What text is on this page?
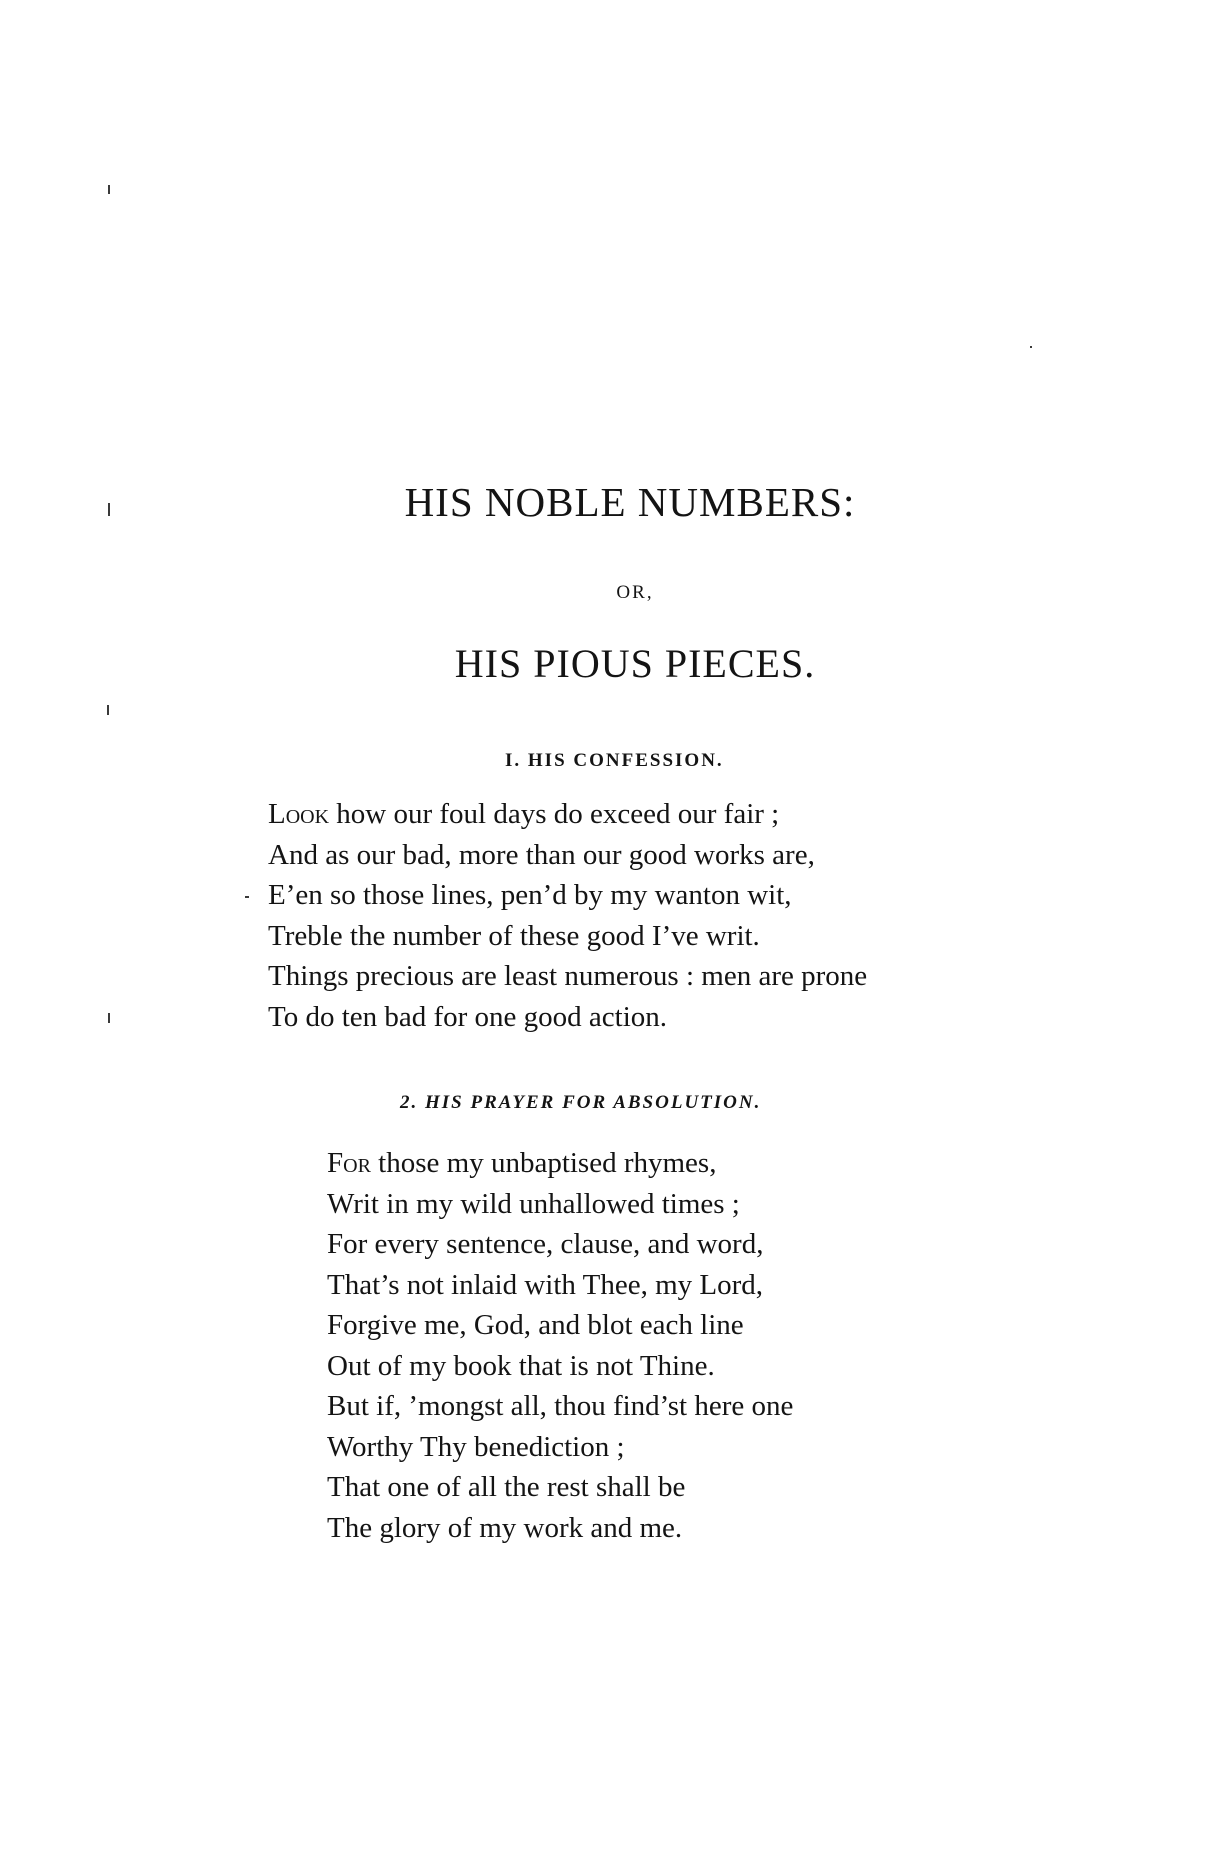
HIS NOBLE NUMBERS:
OR,
HIS PIOUS PIECES.
I. HIS CONFESSION.
Look how our foul days do exceed our fair ;
And as our bad, more than our good works are,
E’en so those lines, pen’d by my wanton wit,
Treble the number of these good I’ve writ.
Things precious are least numerous : men are prone
To do ten bad for one good action.
2. HIS PRAYER FOR ABSOLUTION.
For those my unbaptised rhymes,
Writ in my wild unhallowed times ;
For every sentence, clause, and word,
That’s not inlaid with Thee, my Lord,
Forgive me, God, and blot each line
Out of my book that is not Thine.
But if, ’mongst all, thou find’st here one
Worthy Thy benediction ;
That one of all the rest shall be
The glory of my work and me.
